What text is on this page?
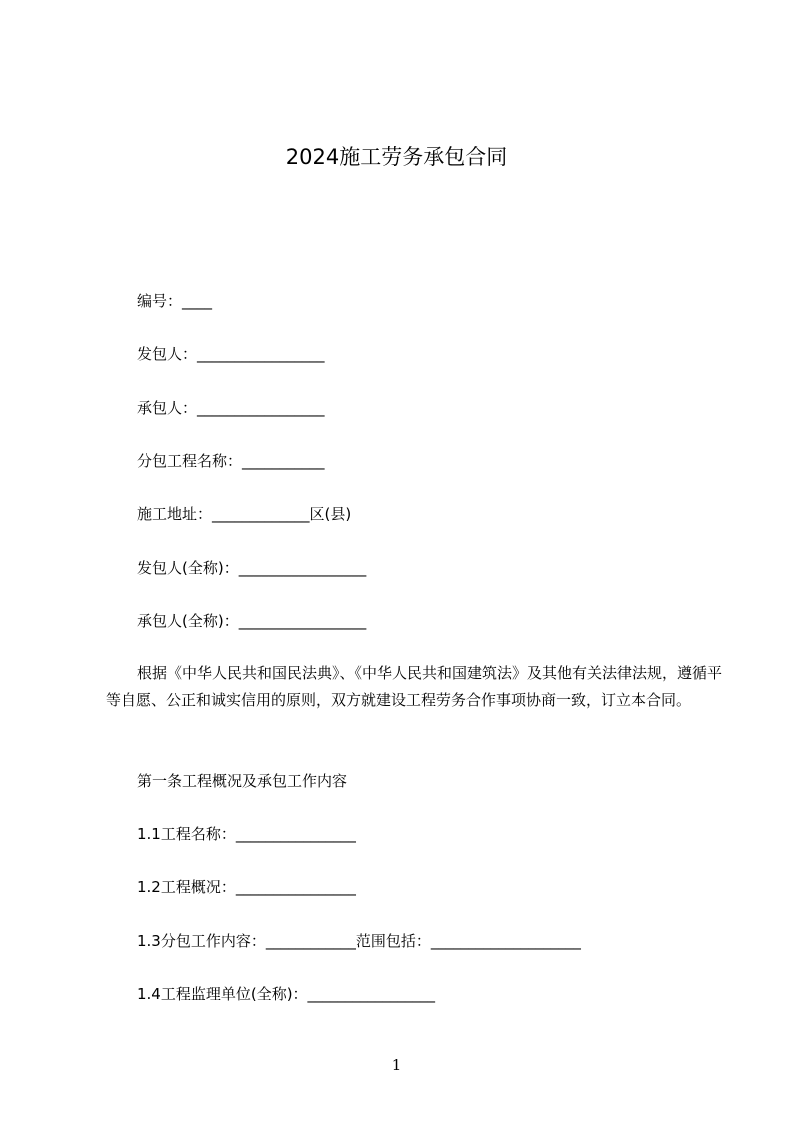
2024施工劳务承包合同
编号：____
发包人：_________________
承包人：_________________
分包工程名称：___________
施工地址：_____________区(县)
发包人(全称)：_________________
承包人(全称)：_________________
根据《中华人民共和国民法典》、《中华人民共和国建筑法》及其他有关法律法规，遵循平等自愿、公正和诚实信用的原则，双方就建设工程劳务合作事项协商一致，订立本合同。
第一条工程概况及承包工作内容
1.1工程名称：________________
1.2工程概况：________________
1.3分包工作内容：____________范围包括：____________________
1.4工程监理单位(全称)：_________________
1
